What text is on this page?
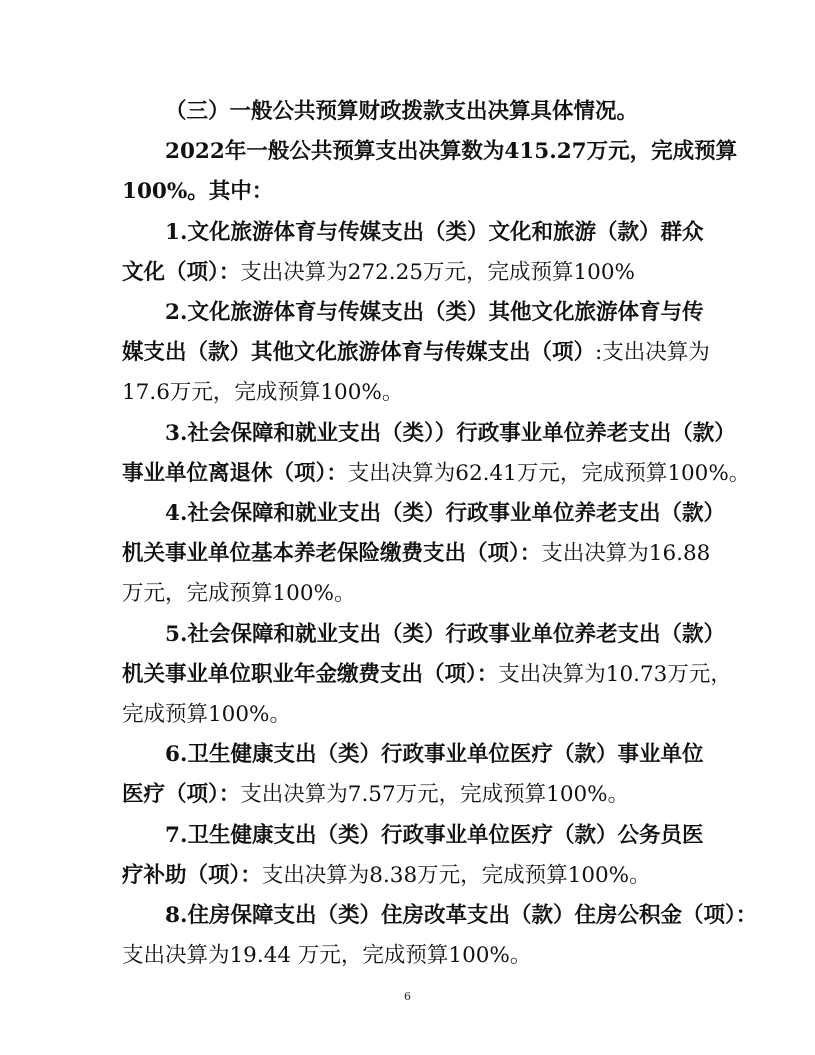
（三）一般公共预算财政拨款支出决算具体情况。
2022年一般公共预算支出决算数为415.27万元，完成预算
100%。其中：
1.文化旅游体育与传媒支出（类）文化和旅游（款）群众
文化（项）：支出决算为272.25万元，完成预算100%
2.文化旅游体育与传媒支出（类）其他文化旅游体育与传
媒支出（款）其他文化旅游体育与传媒支出（项）:支出决算为
17.6万元，完成预算100%。
3.社会保障和就业支出（类））行政事业单位养老支出（款）
事业单位离退休（项）：支出决算为62.41万元，完成预算100%。
4.社会保障和就业支出（类）行政事业单位养老支出（款）
机关事业单位基本养老保险缴费支出（项）：支出决算为16.88
万元，完成预算100%。
5.社会保障和就业支出（类）行政事业单位养老支出（款）
机关事业单位职业年金缴费支出（项）：支出决算为10.73万元，
完成预算100%。
6.卫生健康支出（类）行政事业单位医疗（款）事业单位
医疗（项）：支出决算为7.57万元，完成预算100%。
7.卫生健康支出（类）行政事业单位医疗（款）公务员医
疗补助（项）：支出决算为8.38万元，完成预算100%。
8.住房保障支出（类）住房改革支出（款）住房公积金（项）：
支出决算为19.44 万元，完成预算100%。
6
